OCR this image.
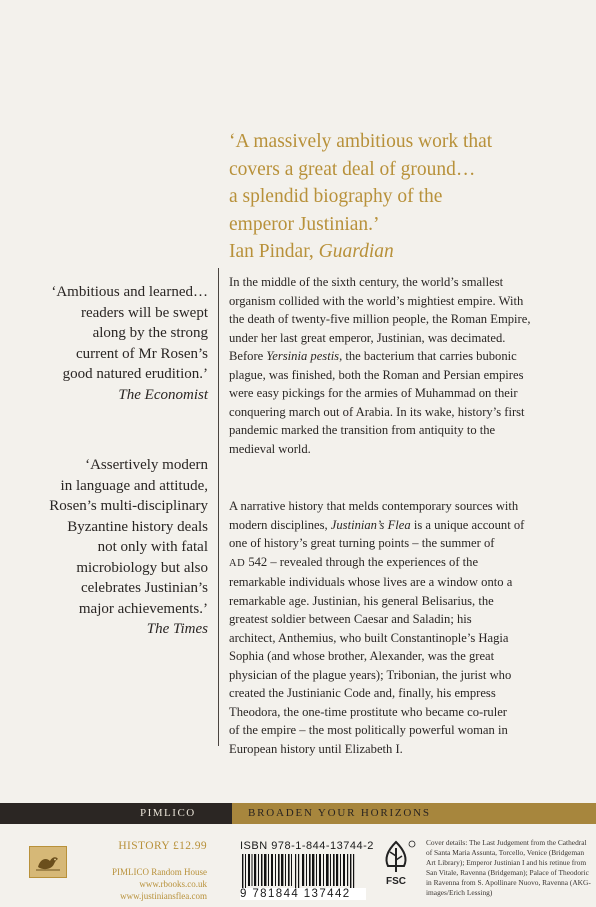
‘A massively ambitious work that
covers a great deal of ground…
a splendid biography of the
emperor Justinian.’
Ian Pindar, Guardian
‘Ambitious and learned…
readers will be swept
along by the strong
current of Mr Rosen’s
good natured erudition.’
The Economist
‘Assertively modern
in language and attitude,
Rosen’s multi-disciplinary
Byzantine history deals
not only with fatal
microbiology but also
celebrates Justinian’s
major achievements.’
The Times
In the middle of the sixth century, the world’s smallest
organism collided with the world’s mightiest empire. With
the death of twenty-five million people, the Roman Empire,
under her last great emperor, Justinian, was decimated.
Before Yersinia pestis, the bacterium that carries bubonic
plague, was finished, both the Roman and Persian empires
were easy pickings for the armies of Muhammad on their
conquering march out of Arabia. In its wake, history’s first
pandemic marked the transition from antiquity to the
medieval world.
A narrative history that melds contemporary sources with
modern disciplines, Justinian’s Flea is a unique account of
one of history’s great turning points – the summer of
AD 542 – revealed through the experiences of the
remarkable individuals whose lives are a window onto a
remarkable age. Justinian, his general Belisarius, the
greatest soldier between Caesar and Saladin; his
architect, Anthemius, who built Constantinople’s Hagia
Sophia (and whose brother, Alexander, was the great
physician of the plague years); Tribonian, the jurist who
created the Justinianic Code and, finally, his empress
Theodora, the one-time prostitute who became co-ruler
of the empire – the most politically powerful woman in
European history until Elizabeth I.
PIMLICO	BROADEN YOUR HORIZONS
HISTORY £12.99
PIMLICO Random House
www.rbooks.co.uk
www.justiniansflea.com
ISBN 978-1-844-13744-2
9 781844 137442
FSC
Cover details: The Last Judgement from the Cathedral of Santa Maria Assunta, Torcello, Venice (Bridgeman Art Library); Emperor Justinian I and his retinue from San Vitale, Ravenna (Bridgeman); Palace of Theodoric in Ravenna from S. Apollinare Nuovo, Ravenna (AKG-images/Erich Lessing)
